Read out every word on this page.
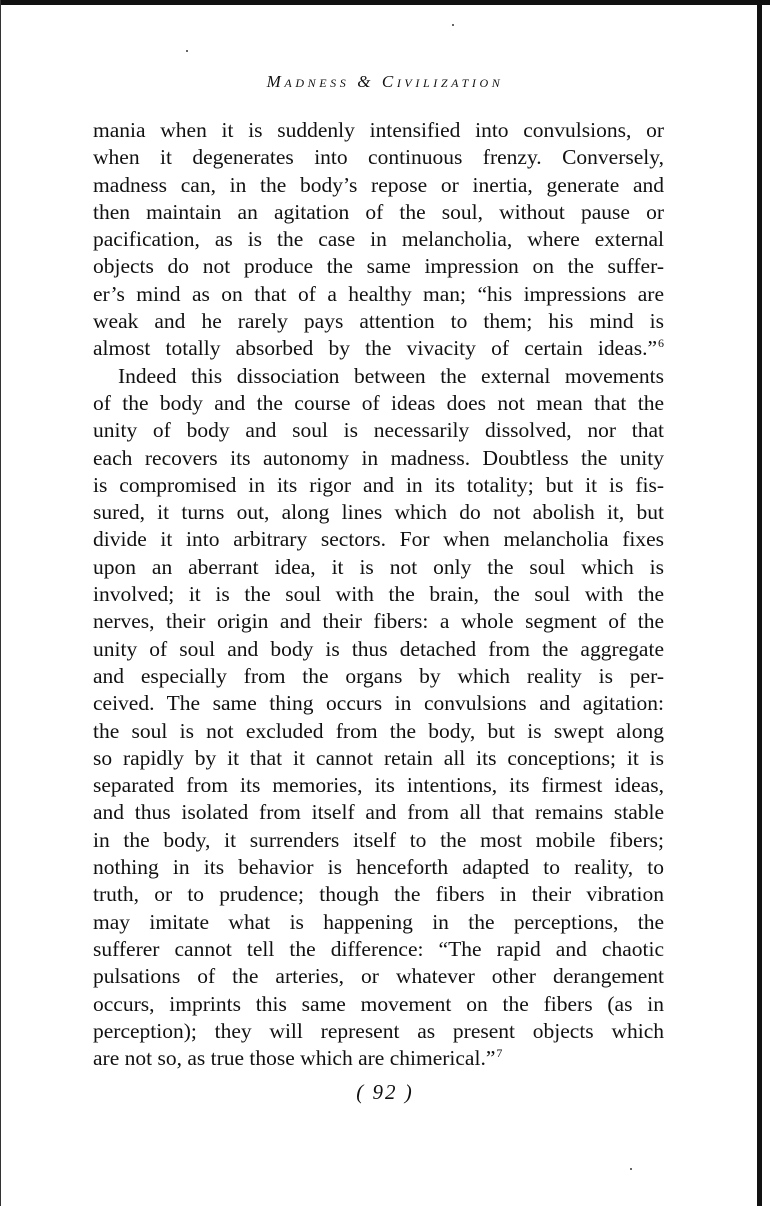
Madness & Civilization
mania when it is suddenly intensified into convulsions, or
when it degenerates into continuous frenzy. Conversely,
madness can, in the body’s repose or inertia, generate and
then maintain an agitation of the soul, without pause or
pacification, as is the case in melancholia, where external
objects do not produce the same impression on the suffer-
er’s mind as on that of a healthy man; “his impressions are
weak and he rarely pays attention to them; his mind is
almost totally absorbed by the vivacity of certain ideas.”$^6$
Indeed this dissociation between the external movements
of the body and the course of ideas does not mean that the
unity of body and soul is necessarily dissolved, nor that
each recovers its autonomy in madness. Doubtless the unity
is compromised in its rigor and in its totality; but it is fis-
sured, it turns out, along lines which do not abolish it, but
divide it into arbitrary sectors. For when melancholia fixes
upon an aberrant idea, it is not only the soul which is
involved; it is the soul with the brain, the soul with the
nerves, their origin and their fibers: a whole segment of the
unity of soul and body is thus detached from the aggregate
and especially from the organs by which reality is per-
ceived. The same thing occurs in convulsions and agitation:
the soul is not excluded from the body, but is swept along
so rapidly by it that it cannot retain all its conceptions; it is
separated from its memories, its intentions, its firmest ideas,
and thus isolated from itself and from all that remains stable
in the body, it surrenders itself to the most mobile fibers;
nothing in its behavior is henceforth adapted to reality, to
truth, or to prudence; though the fibers in their vibration
may imitate what is happening in the perceptions, the
sufferer cannot tell the difference: “The rapid and chaotic
pulsations of the arteries, or whatever other derangement
occurs, imprints this same movement on the fibers (as in
perception); they will represent as present objects which
are not so, as true those which are chimerical.”$^7$
( 92 )
